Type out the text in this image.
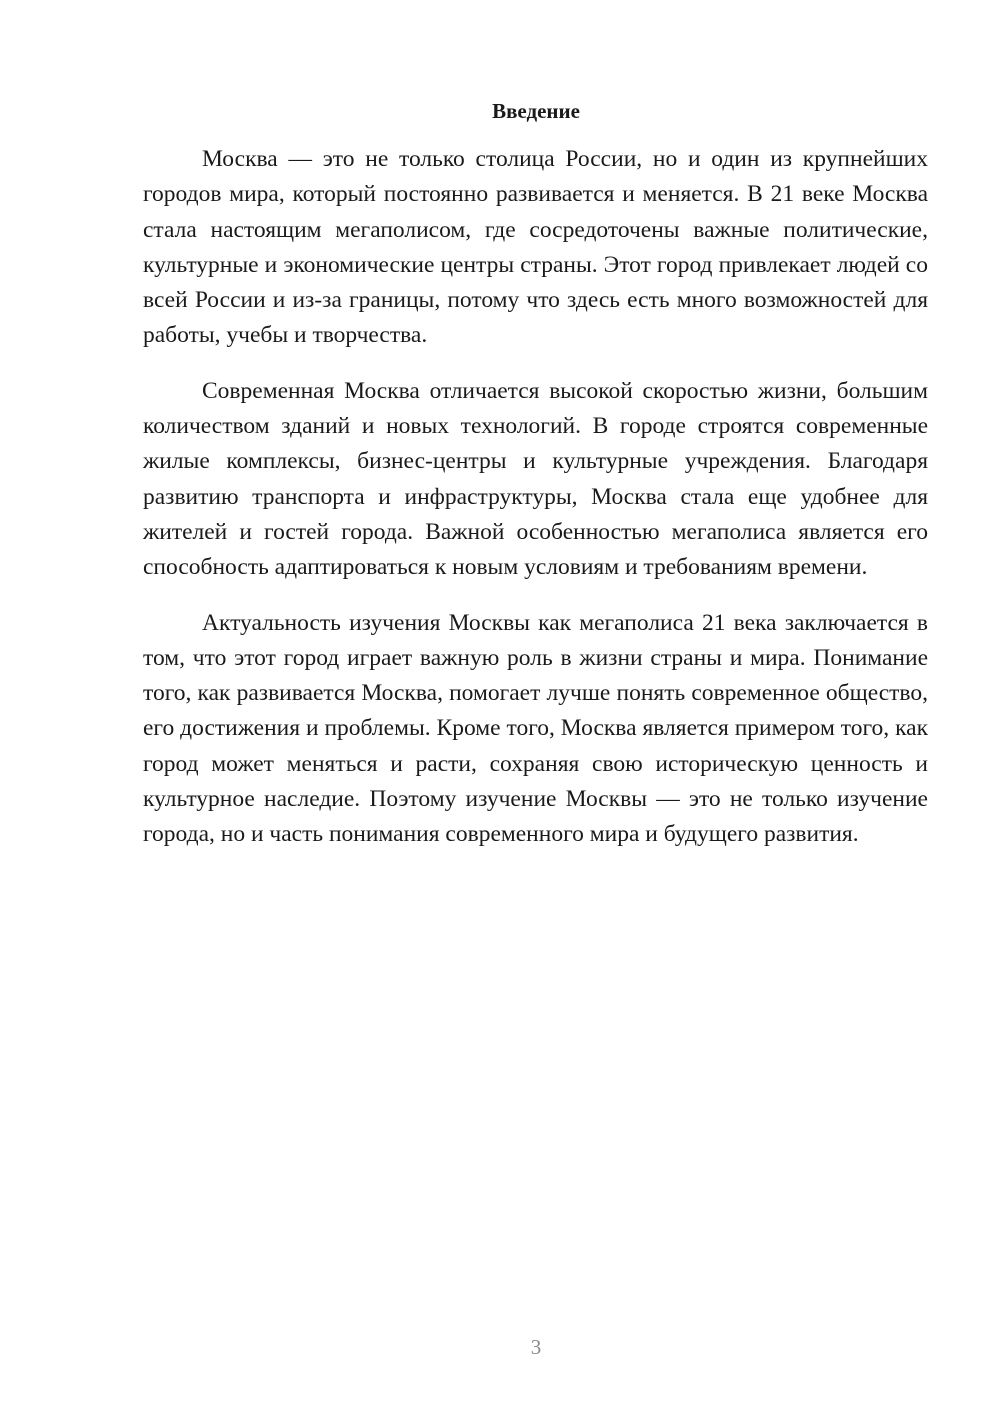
Введение

Москва — это не только столица России, но и один из крупнейших городов мира, который постоянно развивается и меняется. В 21 веке Москва стала настоящим мегаполисом, где сосредоточены важные политические, культурные и экономические центры страны. Этот город привлекает людей со всей России и из-за границы, потому что здесь есть много возможностей для работы, учебы и творчества.

Современная Москва отличается высокой скоростью жизни, большим количеством зданий и новых технологий. В городе строятся современные жилые комплексы, бизнес-центры и культурные учреждения. Благодаря развитию транспорта и инфраструктуры, Москва стала еще удобнее для жителей и гостей города. Важной особенностью мегаполиса является его способность адаптироваться к новым условиям и требованиям времени.

Актуальность изучения Москвы как мегаполиса 21 века заключается в том, что этот город играет важную роль в жизни страны и мира. Понимание того, как развивается Москва, помогает лучше понять современное общество, его достижения и проблемы. Кроме того, Москва является примером того, как город может меняться и расти, сохраняя свою историческую ценность и культурное наследие. Поэтому изучение Москвы — это не только изучение города, но и часть понимания современного мира и будущего развития.

3
